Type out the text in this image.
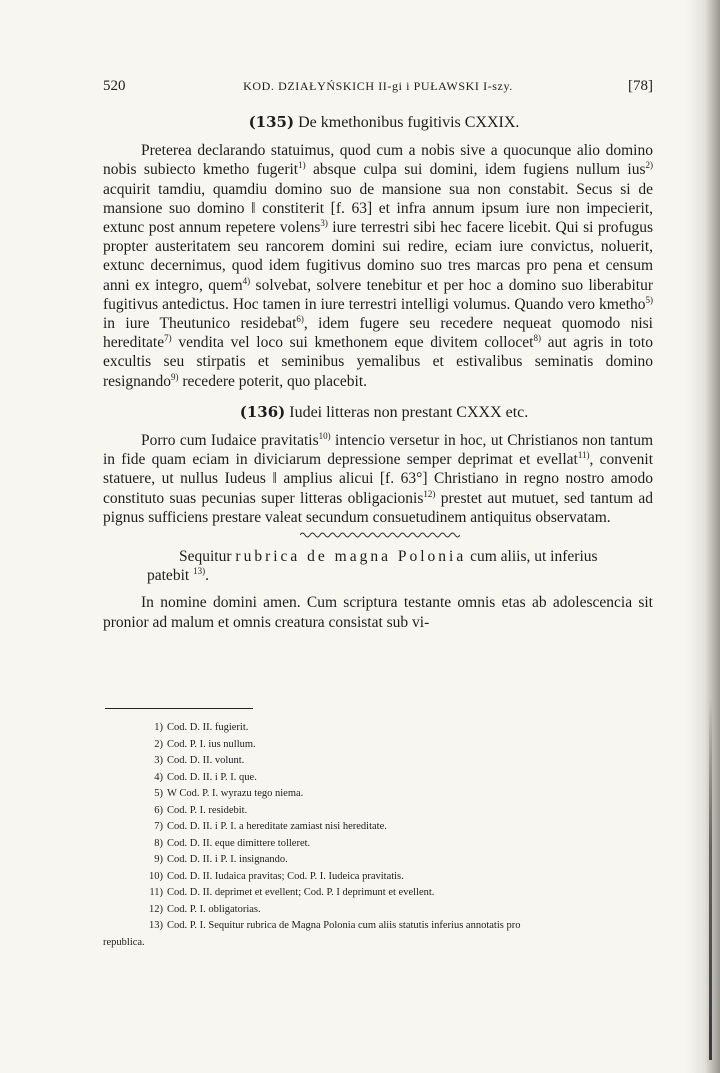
520	KOD. DZIAŁYŃSKICH II-gi i PUŁAWSKI I-szy.	[78]
(135) De kmethonibus fugitivis CXXIX.

Preterea declarando statuimus, quod cum a nobis sive a quocunque alio domino nobis subiecto kmetho fugerit$^{1)}$ absque culpa sui domini, idem fugiens nullum ius$^{2)}$ acquirit tamdiu, quamdiu domino suo de mansione sua non constabit. Secus si de mansione suo domino ‖ constiterit [f. 63] et infra annum ipsum iure non impecierit, extunc post annum repetere volens$^{3)}$ iure terrestri sibi hec facere licebit. Qui si profugus propter austeritatem seu rancorem domini sui redire, eciam iure convictus, noluerit, extunc decernimus, quod idem fugitivus domino suo tres marcas pro pena et censum anni ex integro, quem$^{4)}$ solvebat, solvere tenebitur et per hoc a domino suo liberabitur fugitivus antedictus. Hoc tamen in iure terrestri intelligi volumus. Quando vero kmetho$^{5)}$ in iure Theutunico residebat$^{6)}$, idem fugere seu recedere nequeat quomodo nisi hereditate$^{7)}$ vendita vel loco sui kmethonem eque divitem collocet$^{8)}$ aut agris in toto excultis seu stirpatis et seminibus yemalibus et estivalibus seminatis domino resignando$^{9)}$ recedere poterit, quo placebit.

(136) Iudei litteras non prestant CXXX etc.

Porro cum Iudaice pravitatis$^{10)}$ intencio versetur in hoc, ut Christianos non tantum in fide quam eciam in diviciarum depressione semper deprimat et evellat$^{11)}$, convenit statuere, ut nullus Iudeus ‖ amplius alicui [f. 63°] Christiano in regno nostro amodo constituto suas pecunias super litteras obligacionis$^{12)}$ prestet aut mutuet, sed tantum ad pignus sufficiens prestare valeat secundum consuetudinem antiquitus observatam.

Sequitur rubrica de magna Polonia cum aliis, ut inferius
patebit $^{13)}$.

In nomine domini amen. Cum scriptura testante omnis etas ab adolescencia sit pronior ad malum et omnis creatura consistat sub vi-

1) Cod. D. II. fugierit.
2) Cod. P. I. ius nullum.
3) Cod. D. II. volunt.
4) Cod. D. II. i P. I. que.
5) W Cod. P. I. wyrazu tego niema.
6) Cod. P. I. residebit.
7) Cod. D. II. i P. I. a hereditate zamiast nisi hereditate.
8) Cod. D. II. eque dimittere tolleret.
9) Cod. D. II. i P. I. insignando.
10) Cod. D. II. Iudaica pravitas; Cod. P. I. Iudeica pravitatis.
11) Cod. D. II. deprimet et evellent; Cod. P. I deprimunt et evellent.
12) Cod. P. I. obligatorias.
13) Cod. P. I. Sequitur rubrica de Magna Polonia cum aliis statutis inferius annotatis pro
republica.
